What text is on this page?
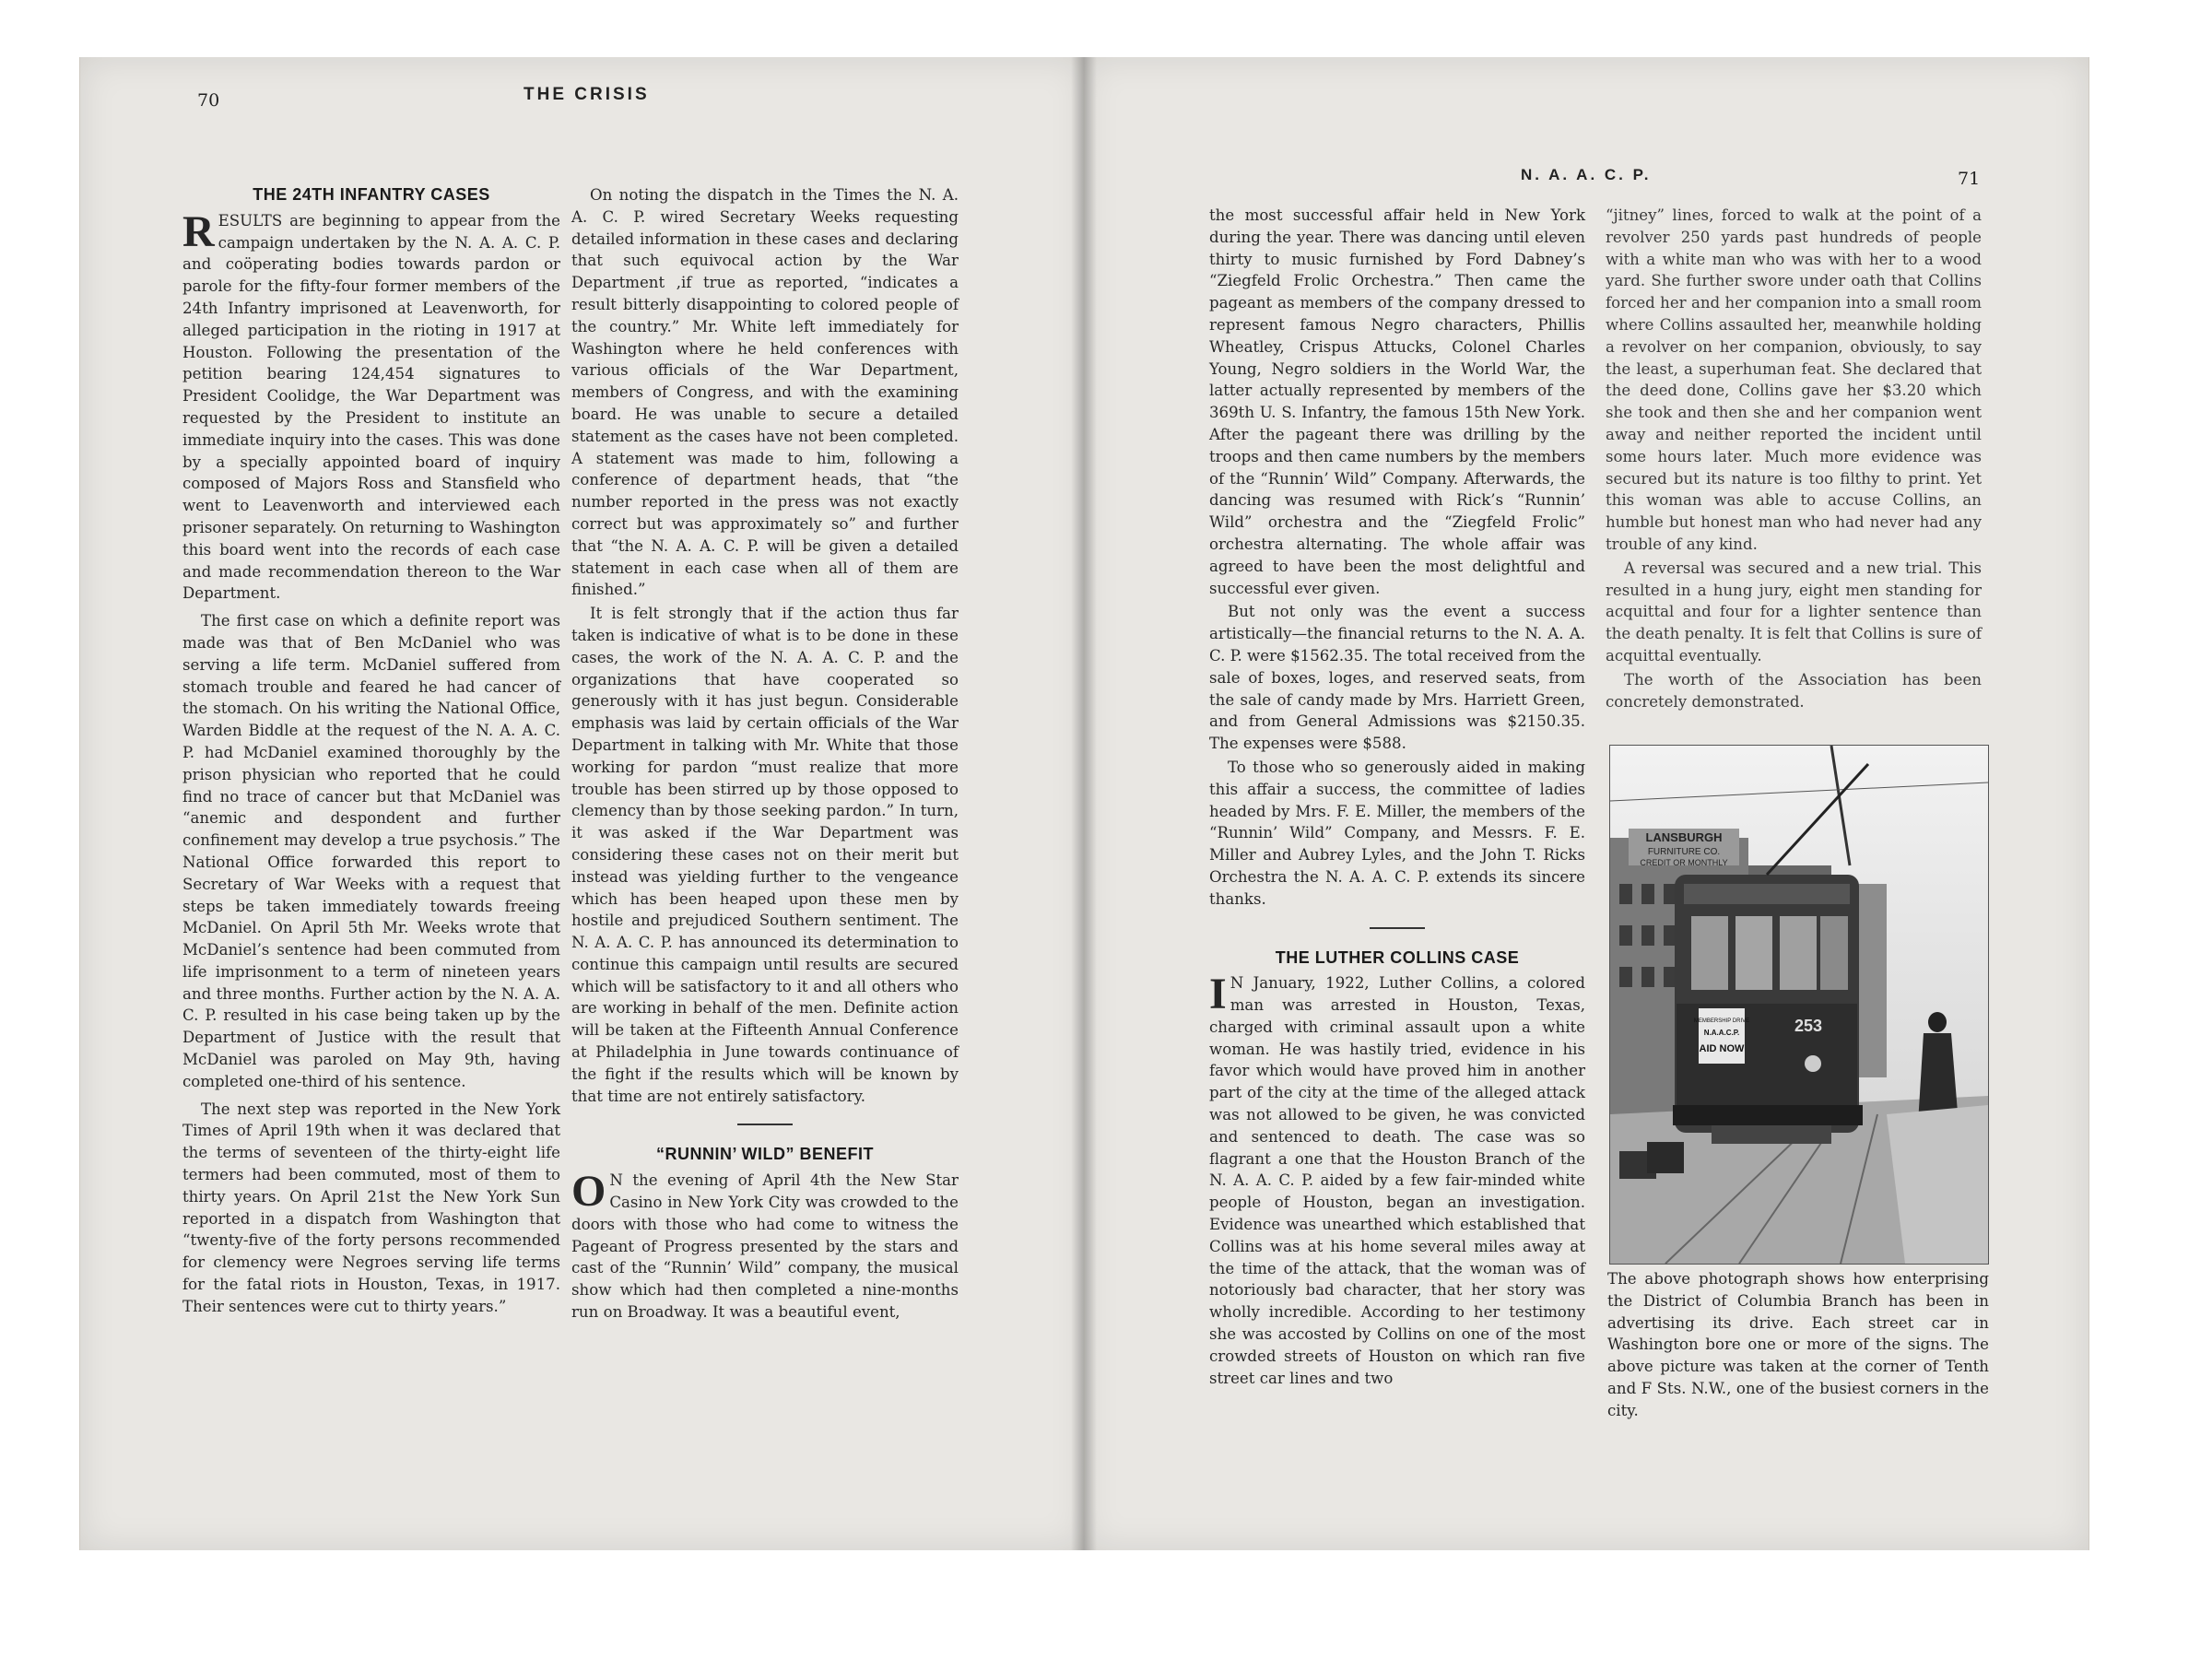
70	THE CRISIS
N. A. A. C. P.	71
THE 24TH INFANTRY CASES

RESULTS are beginning to appear from the campaign undertaken by the N. A. A. C. P. and coöperating bodies towards pardon or parole for the fifty-four former members of the 24th Infantry imprisoned at Leavenworth, for alleged participation in the rioting in 1917 at Houston. Following the presentation of the petition bearing 124,454 signatures to President Coolidge, the War Department was requested by the President to institute an immediate inquiry into the cases. This was done by a specially appointed board of inquiry composed of Majors Ross and Stansfield who went to Leavenworth and interviewed each prisoner separately. On returning to Washington this board went into the records of each case and made recommendation thereon to the War Department.

The first case on which a definite report was made was that of Ben McDaniel who was serving a life term. McDaniel suffered from stomach trouble and feared he had cancer of the stomach. On his writing the National Office, Warden Biddle at the request of the N. A. A. C. P. had McDaniel examined thoroughly by the prison physician who reported that he could find no trace of cancer but that McDaniel was “anemic and despondent and further confinement may develop a true psychosis.” The National Office forwarded this report to Secretary of War Weeks with a request that steps be taken immediately towards freeing McDaniel. On April 5th Mr. Weeks wrote that McDaniel’s sentence had been commuted from life imprisonment to a term of nineteen years and three months. Further action by the N. A. A. C. P. resulted in his case being taken up by the Department of Justice with the result that McDaniel was paroled on May 9th, having completed one-third of his sentence.

The next step was reported in the New York Times of April 19th when it was declared that the terms of seventeen of the thirty-eight life termers had been commuted, most of them to thirty years. On April 21st the New York Sun reported in a dispatch from Washington that “twenty-five of the forty persons recommended for clemency were Negroes serving life terms for the fatal riots in Houston, Texas, in 1917. Their sentences were cut to thirty years.”

On noting the dispatch in the Times the N. A. A. C. P. wired Secretary Weeks requesting detailed information in these cases and declaring that such equivocal action by the War Department ,if true as reported, “indicates a result bitterly disappointing to colored people of the country.” Mr. White left immediately for Washington where he held conferences with various officials of the War Department, members of Congress, and with the examining board. He was unable to secure a detailed statement as the cases have not been completed. A statement was made to him, following a conference of department heads, that “the number reported in the press was not exactly correct but was approximately so” and further that “the N. A. A. C. P. will be given a detailed statement in each case when all of them are finished.”

It is felt strongly that if the action thus far taken is indicative of what is to be done in these cases, the work of the N. A. A. C. P. and the organizations that have cooperated so generously with it has just begun. Considerable emphasis was laid by certain officials of the War Department in talking with Mr. White that those working for pardon “must realize that more trouble has been stirred up by those opposed to clemency than by those seeking pardon.” In turn, it was asked if the War Department was considering these cases not on their merit but instead was yielding further to the vengeance which has been heaped upon these men by hostile and prejudiced Southern sentiment. The N. A. A. C. P. has announced its determination to continue this campaign until results are secured which will be satisfactory to it and all others who are working in behalf of the men. Definite action will be taken at the Fifteenth Annual Conference at Philadelphia in June towards continuance of the fight if the results which will be known by that time are not entirely satisfactory.

“RUNNIN’ WILD” BENEFIT

O N the evening of April 4th the New Star Casino in New York City was crowded to the doors with those who had come to witness the Pageant of Progress presented by the stars and cast of the “Runnin’ Wild” company, the musical show which had then completed a nine-months run on Broadway. It was a beautiful event,

the most successful affair held in New York during the year. There was dancing until eleven thirty to music furnished by Ford Dabney’s “Ziegfeld Frolic Orchestra.” Then came the pageant as members of the company dressed to represent famous Negro characters, Phillis Wheatley, Crispus Attucks, Colonel Charles Young, Negro soldiers in the World War, the latter actually represented by members of the 369th U. S. Infantry, the famous 15th New York. After the pageant there was drilling by the troops and then came numbers by the members of the “Runnin’ Wild” Company. Afterwards, the dancing was resumed with Rick’s “Runnin’ Wild” orchestra and the “Ziegfeld Frolic” orchestra alternating. The whole affair was agreed to have been the most delightful and successful ever given.

But not only was the event a success artistically—the financial returns to the N. A. A. C. P. were $1562.35. The total received from the sale of boxes, loges, and reserved seats, from the sale of candy made by Mrs. Harriett Green, and from General Admissions was $2150.35. The expenses were $588.

To those who so generously aided in making this affair a success, the committee of ladies headed by Mrs. F. E. Miller, the members of the “Runnin’ Wild” Company, and Messrs. F. E. Miller and Aubrey Lyles, and the John T. Ricks Orchestra the N. A. A. C. P. extends its sincere thanks.

THE LUTHER COLLINS CASE

I N January, 1922, Luther Collins, a colored man was arrested in Houston, Texas, charged with criminal assault upon a white woman. He was hastily tried, evidence in his favor which would have proved him in another part of the city at the time of the alleged attack was not allowed to be given, he was convicted and sentenced to death. The case was so flagrant a one that the Houston Branch of the N. A. A. C. P. aided by a few fair-minded white people of Houston, began an investigation. Evidence was unearthed which established that Collins was at his home several miles away at the time of the attack, that the woman was of notoriously bad character, that her story was wholly incredible. According to her testimony she was accosted by Collins on one of the most crowded streets of Houston on which ran five street car lines and two

“jitney” lines, forced to walk at the point of a revolver 250 yards past hundreds of people with a white man who was with her to a wood yard. She further swore under oath that Collins forced her and her companion into a small room where Collins assaulted her, meanwhile holding a revolver on her companion, obviously, to say the least, a superhuman feat. She declared that the deed done, Collins gave her $3.20 which she took and then she and her companion went away and neither reported the incident until some hours later. Much more evidence was secured but its nature is too filthy to print. Yet this woman was able to accuse Collins, an humble but honest man who had never had any trouble of any kind.

A reversal was secured and a new trial. This resulted in a hung jury, eight men standing for acquittal and four for a lighter sentence than the death penalty. It is felt that Collins is sure of acquittal eventually.

The worth of the Association has been concretely demonstrated.

LANSBURGH
FURNITURE CO.
CREDIT OR MONTHLY
MEMBERSHIP DRIVE
N.A.A.C.P.
AID NOW
253
The above photograph shows how enterprising the District of Columbia Branch has been in advertising its drive. Each street car in Washington bore one or more of the signs. The above picture was taken at the corner of Tenth and F Sts. N.W., one of the busiest corners in the city.
